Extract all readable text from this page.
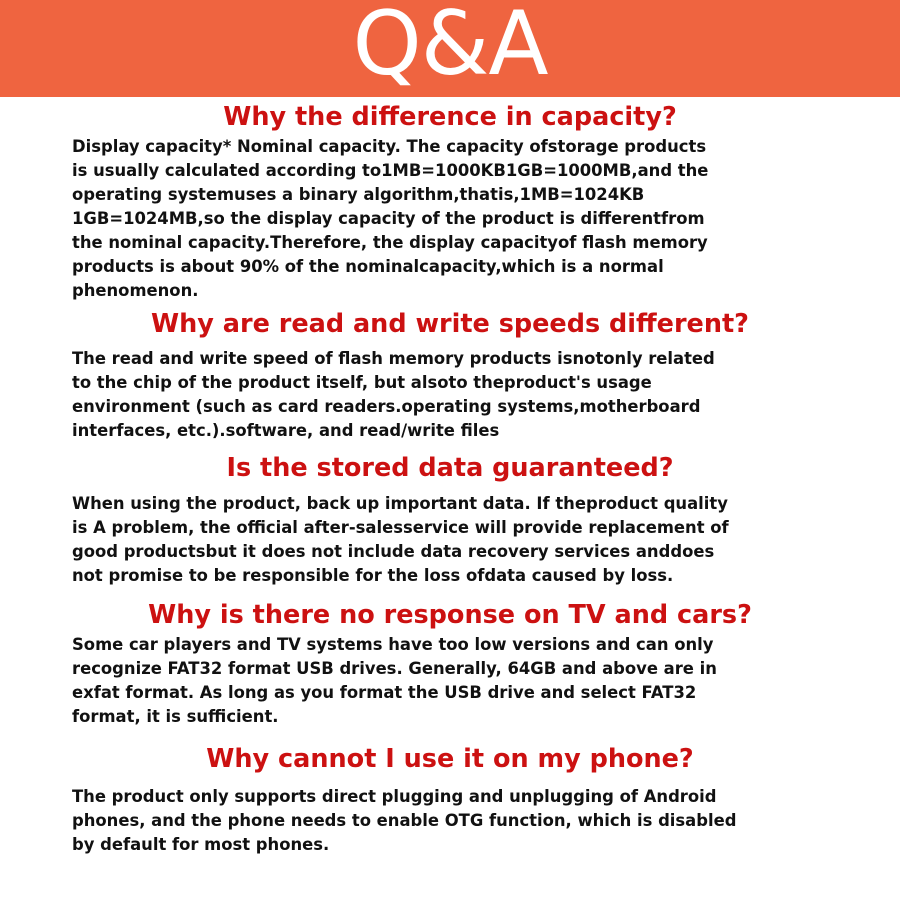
Q&A
Why the difference in capacity?

Display capacity* Nominal capacity. The capacity ofstorage products
is usually calculated according to1MB=1000KB1GB=1000MB,and the
operating systemuses a binary algorithm,thatis,1MB=1024KB
1GB=1024MB,so the display capacity of the product is differentfrom
the nominal capacity.Therefore, the display capacityof flash memory
products is about 90% of the nominalcapacity,which is a normal
phenomenon.

Why are read and write speeds different?

The read and write speed of flash memory products isnotonly related
to the chip of the product itself, but alsoto theproduct's usage
environment (such as card readers.operating systems,motherboard
interfaces, etc.).software, and read/write files

Is the stored data guaranteed?

When using the product, back up important data. If theproduct quality
is A problem, the official after-salesservice will provide replacement of
good productsbut it does not include data recovery services anddoes
not promise to be responsible for the loss ofdata caused by loss.

Why is there no response on TV and cars?

Some car players and TV systems have too low versions and can only
recognize FAT32 format USB drives. Generally, 64GB and above are in
exfat format. As long as you format the USB drive and select FAT32
format, it is sufficient.

Why cannot I use it on my phone?

The product only supports direct plugging and unplugging of Android
phones, and the phone needs to enable OTG function, which is disabled
by default for most phones.
